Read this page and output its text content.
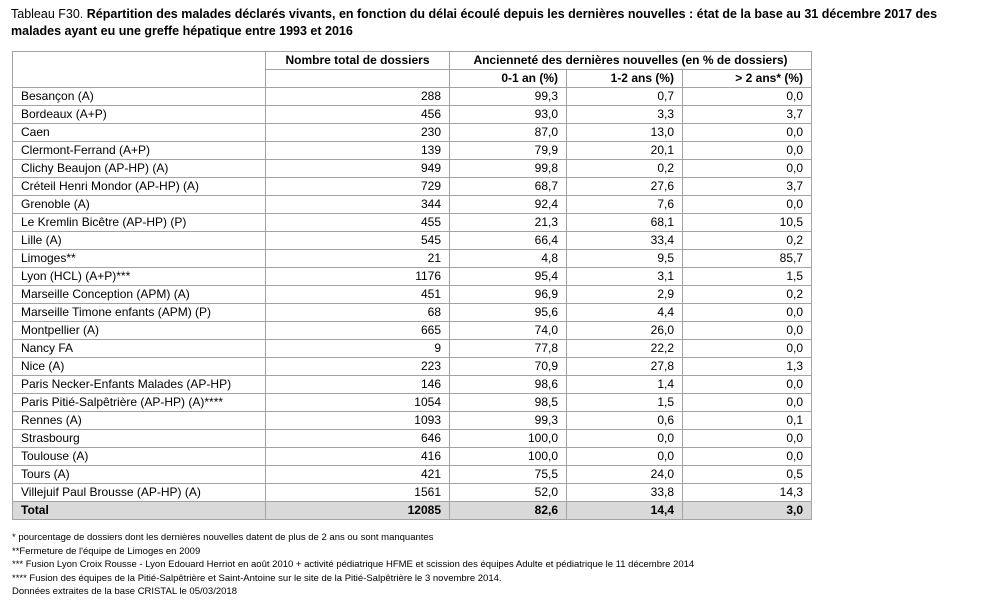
Tableau F30. Répartition des malades déclarés vivants, en fonction du délai écoulé depuis les dernières nouvelles : état de la base au 31 décembre 2017 des malades ayant eu une greffe hépatique entre 1993 et 2016
	Nombre total de dossiers	Ancienneté des dernières nouvelles (en % de dossiers)		
		0-1 an (%)	1-2 ans (%)	> 2 ans* (%)
Besançon (A)	288	99,3	0,7	0,0
Bordeaux (A+P)	456	93,0	3,3	3,7
Caen	230	87,0	13,0	0,0
Clermont-Ferrand (A+P)	139	79,9	20,1	0,0
Clichy Beaujon (AP-HP) (A)	949	99,8	0,2	0,0
Créteil Henri Mondor (AP-HP) (A)	729	68,7	27,6	3,7
Grenoble (A)	344	92,4	7,6	0,0
Le Kremlin Bicêtre (AP-HP) (P)	455	21,3	68,1	10,5
Lille (A)	545	66,4	33,4	0,2
Limoges**	21	4,8	9,5	85,7
Lyon (HCL) (A+P)***	1176	95,4	3,1	1,5
Marseille Conception (APM) (A)	451	96,9	2,9	0,2
Marseille Timone enfants (APM) (P)	68	95,6	4,4	0,0
Montpellier (A)	665	74,0	26,0	0,0
Nancy FA	9	77,8	22,2	0,0
Nice (A)	223	70,9	27,8	1,3
Paris Necker-Enfants Malades (AP-HP)	146	98,6	1,4	0,0
Paris Pitié-Salpêtrière (AP-HP) (A)****	1054	98,5	1,5	0,0
Rennes (A)	1093	99,3	0,6	0,1
Strasbourg	646	100,0	0,0	0,0
Toulouse (A)	416	100,0	0,0	0,0
Tours (A)	421	75,5	24,0	0,5
Villejuif Paul Brousse (AP-HP) (A)	1561	52,0	33,8	14,3
Total	12085	82,6	14,4	3,0
* pourcentage de dossiers dont les dernières nouvelles datent de plus de 2 ans ou sont manquantes
**Fermeture de l'équipe de Limoges en 2009
*** Fusion Lyon Croix Rousse - Lyon Edouard Herriot en août 2010 + activité pédiatrique HFME et scission des équipes Adulte et pédiatrique le 11 décembre 2014
**** Fusion des équipes de la Pitié-Salpêtrière et Saint-Antoine sur le site de la Pitié-Salpêtrière le 3 novembre 2014.
Données extraites de la base CRISTAL le 05/03/2018
